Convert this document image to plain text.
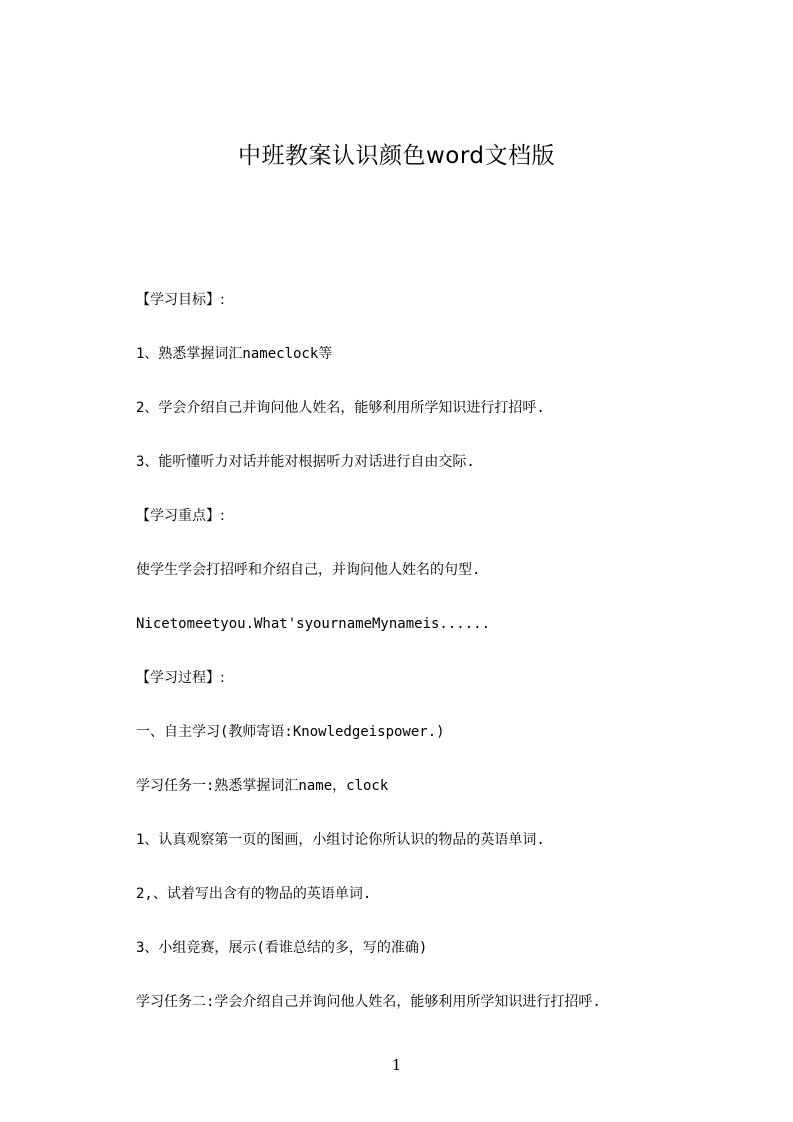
中班教案认识颜色word文档版

【学习目标】:

1、熟悉掌握词汇nameclock等

2、学会介绍自己并询问他人姓名，能够利用所学知识进行打招呼.

3、能听懂听力对话并能对根据听力对话进行自由交际.

【学习重点】:

使学生学会打招呼和介绍自己，并询问他人姓名的句型.

Nicetomeetyou.What'syournameMynameis......

【学习过程】:

一、自主学习(教师寄语:Knowledgeispower.)

学习任务一:熟悉掌握词汇name，clock

1、认真观察第一页的图画，小组讨论你所认识的物品的英语单词.

2,、试着写出含有的物品的英语单词.

3、小组竞赛，展示(看谁总结的多，写的准确)

学习任务二:学会介绍自己并询问他人姓名，能够利用所学知识进行打招呼.

1
